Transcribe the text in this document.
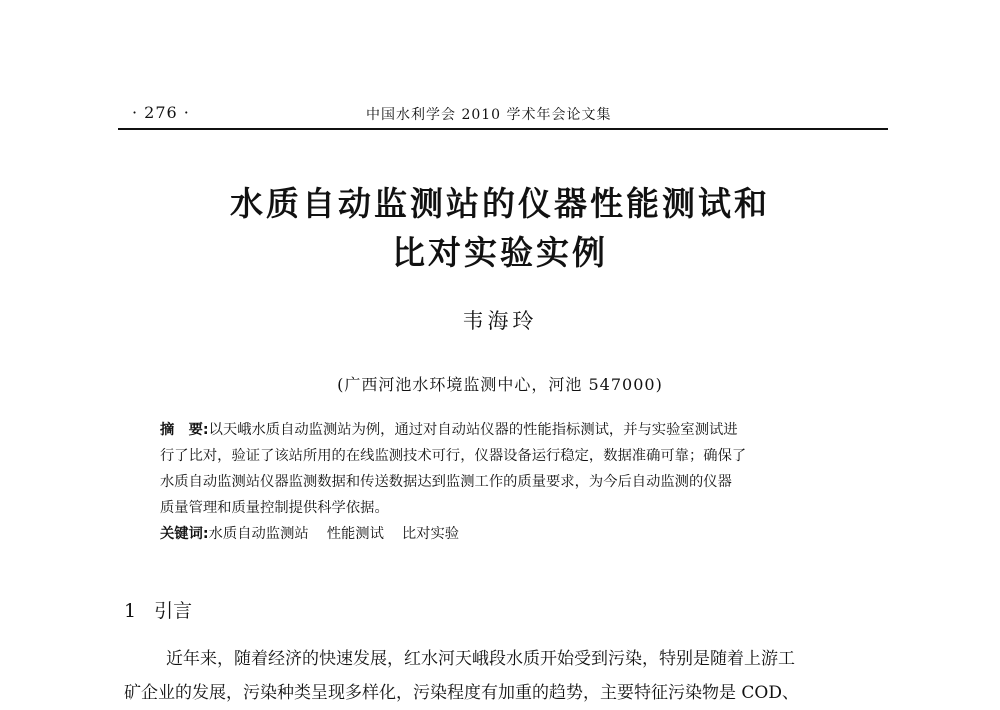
· 276 ·	中国水利学会 2010 学术年会论文集
水质自动监测站的仪器性能测试和
比对实验实例
韦海玲
(广西河池水环境监测中心，河池 547000)
摘　要:以天峨水质自动监测站为例，通过对自动站仪器的性能指标测试，并与实验室测试进
行了比对，验证了该站所用的在线监测技术可行，仪器设备运行稳定，数据准确可靠；确保了
水质自动监测站仪器监测数据和传送数据达到监测工作的质量要求，为今后自动监测的仪器
质量管理和质量控制提供科学依据。
关键词:水质自动监测站 性能测试 比对实验
1 引言
近年来，随着经济的快速发展，红水河天峨段水质开始受到污染，特别是随着上游工
矿企业的发展，污染种类呈现多样化，污染程度有加重的趋势，主要特征污染物是 COD、
